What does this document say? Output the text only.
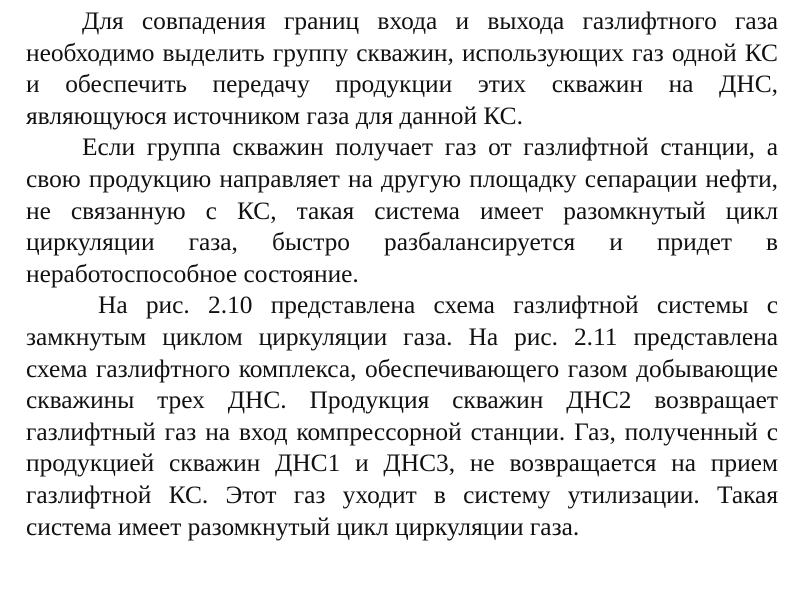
Для совпадения границ входа и выхода газлифтного газа необходимо выделить группу скважин, использующих газ одной КС и обеспечить передачу продукции этих скважин на ДНС, являющуюся источником газа для данной КС.

Если группа скважин получает газ от газлифтной станции, а свою продукцию направляет на другую площадку сепарации нефти, не связанную с КС, такая система имеет разомкнутый цикл циркуляции газа, быстро разбалансируется и придет в неработоспособное состояние.

На рис. 2.10 представлена схема газлифтной системы с замкнутым циклом циркуляции газа. На рис. 2.11 представлена схема газлифтного комплекса, обеспечивающего газом добывающие скважины трех ДНС. Продукция скважин ДНС2 возвращает газлифтный газ на вход компрессорной станции. Газ, полученный с продукцией скважин ДНС1 и ДНС3, не возвращается на прием газлифтной КС. Этот газ уходит в систему утилизации. Такая система имеет разомкнутый цикл циркуляции газа.
